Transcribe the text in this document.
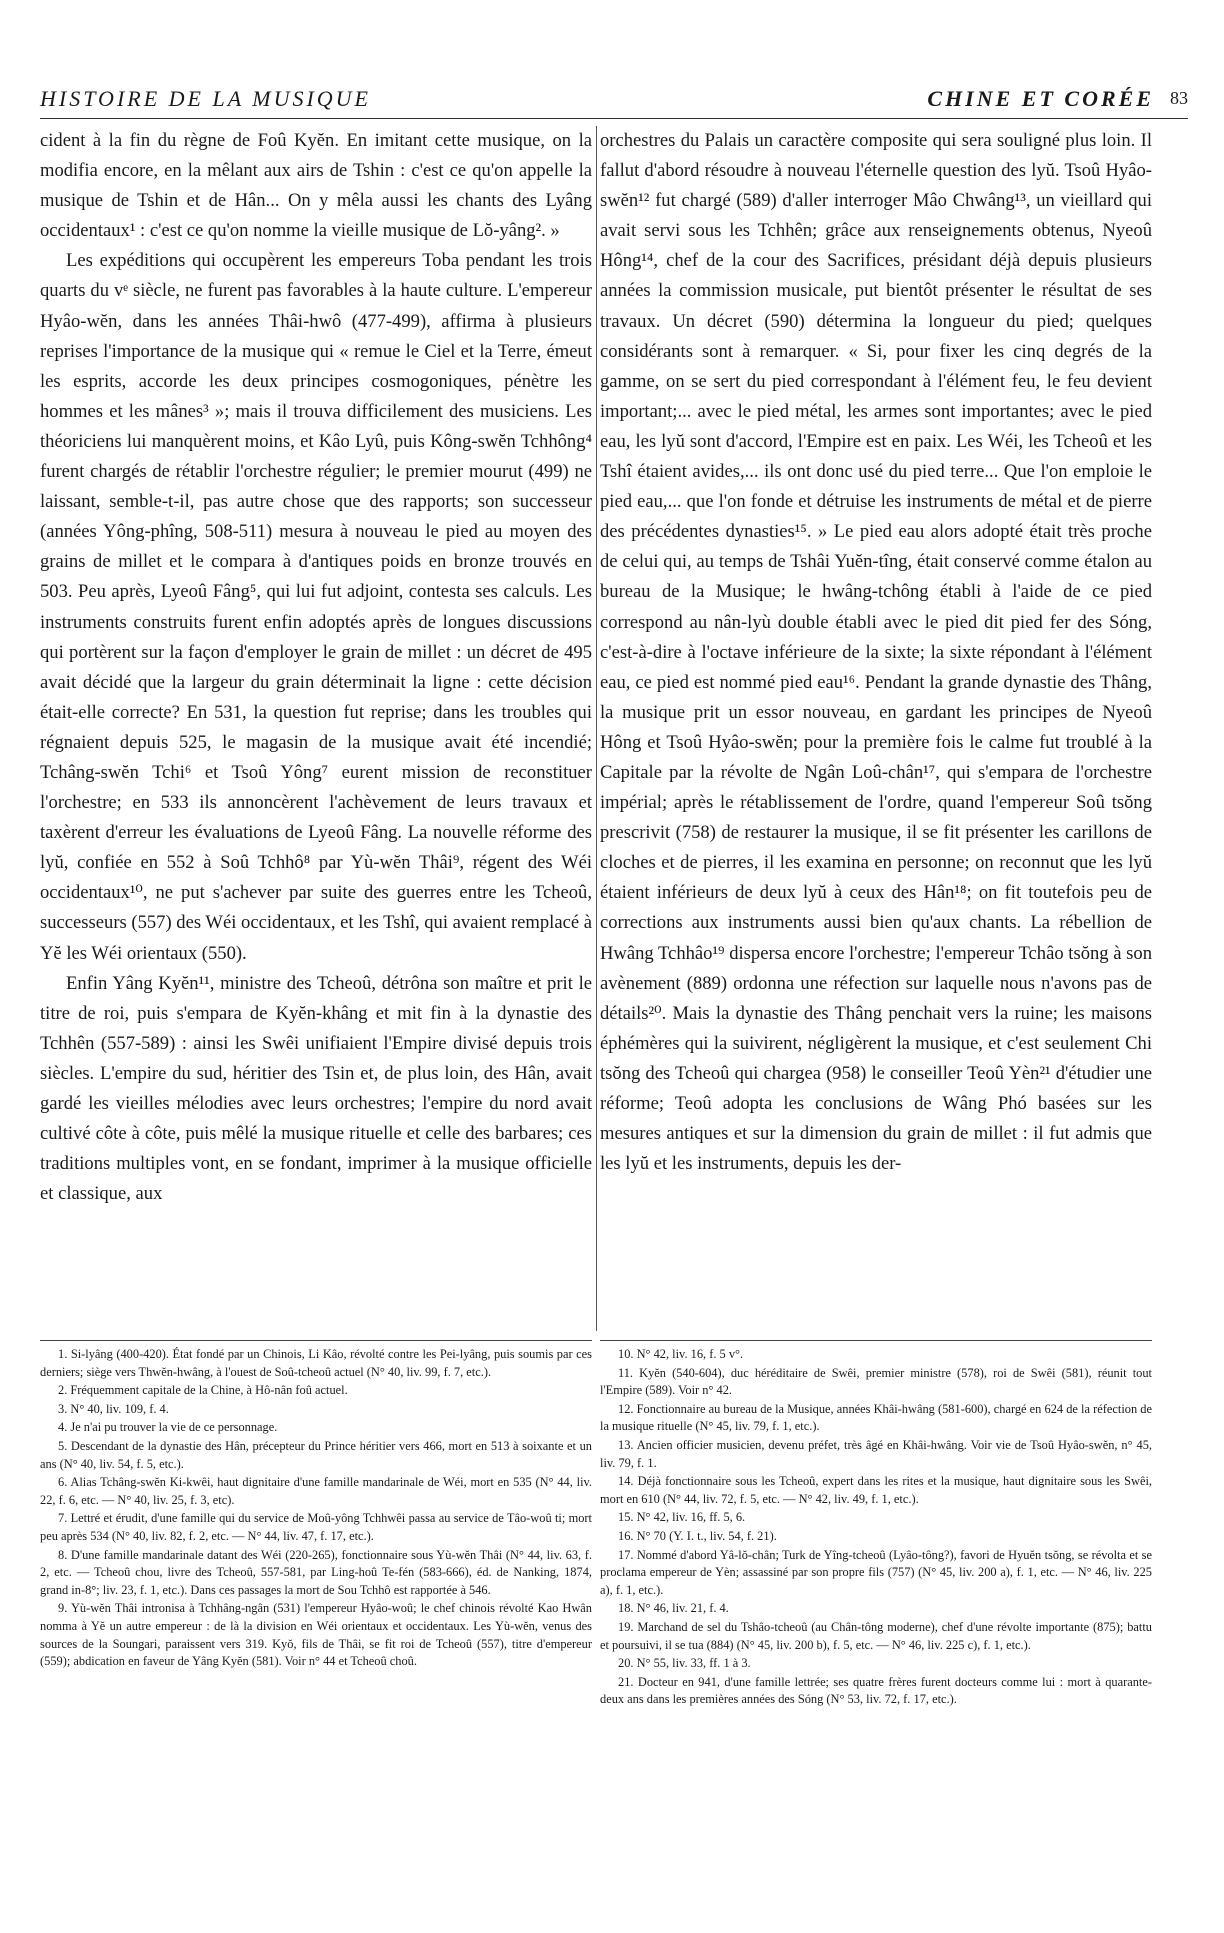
HISTOIRE DE LA MUSIQUE	CHINE ET CORÉE 83

cident à la fin du règne de Foû Kyĕn. En imitant cette musique, on la modifia encore, en la mêlant aux airs de Tshin : c'est ce qu'on appelle la musique de Tshin et de Hân... On y mêla aussi les chants des Lyâng occidentaux¹ : c'est ce qu'on nomme la vieille musique de Lŏ-yâng². »

Les expéditions qui occupèrent les empereurs Toba pendant les trois quarts du vᵉ siècle, ne furent pas favorables à la haute culture. L'empereur Hyâo-wĕn, dans les années Thâi-hwô (477-499), affirma à plusieurs reprises l'importance de la musique qui « remue le Ciel et la Terre, émeut les esprits, accorde les deux principes cosmogoniques, pénètre les hommes et les mânes³ »; mais il trouva difficilement des musiciens. Les théoriciens lui manquèrent moins, et Kâo Lyû, puis Kông-swĕn Tchhông⁴ furent chargés de rétablir l'orchestre régulier; le premier mourut (499) ne laissant, semble-t-il, pas autre chose que des rapports; son successeur (années Yông-phîng, 508-511) mesura à nouveau le pied au moyen des grains de millet et le compara à d'antiques poids en bronze trouvés en 503. Peu après, Lyeoû Fâng⁵, qui lui fut adjoint, contesta ses calculs. Les instruments construits furent enfin adoptés après de longues discussions qui portèrent sur la façon d'employer le grain de millet : un décret de 495 avait décidé que la largeur du grain déterminait la ligne : cette décision était-elle correcte? En 531, la question fut reprise; dans les troubles qui régnaient depuis 525, le magasin de la musique avait été incendié; Tchâng-swĕn Tchi⁶ et Tsoû Yông⁷ eurent mission de reconstituer l'orchestre; en 533 ils annoncèrent l'achèvement de leurs travaux et taxèrent d'erreur les évaluations de Lyeoû Fâng. La nouvelle réforme des lyŭ, confiée en 552 à Soû Tchhô⁸ par Yù-wĕn Thâi⁹, régent des Wéi occidentaux¹⁰, ne put s'achever par suite des guerres entre les Tcheoû, successeurs (557) des Wéi occidentaux, et les Tshî, qui avaient remplacé à Yĕ les Wéi orientaux (550).

Enfin Yâng Kyĕn¹¹, ministre des Tcheoû, détrôna son maître et prit le titre de roi, puis s'empara de Kyĕn-khâng et mit fin à la dynastie des Tchhên (557-589) : ainsi les Swêi unifiaient l'Empire divisé depuis trois siècles. L'empire du sud, héritier des Tsin et, de plus loin, des Hân, avait gardé les vieilles mélodies avec leurs orchestres; l'empire du nord avait cultivé côte à côte, puis mêlé la musique rituelle et celle des barbares; ces traditions multiples vont, en se fondant, imprimer à la musique officielle et classique, aux

orchestres du Palais un caractère composite qui sera souligné plus loin. Il fallut d'abord résoudre à nouveau l'éternelle question des lyŭ. Tsoû Hyâo-swĕn¹² fut chargé (589) d'aller interroger Mâo Chwâng¹³, un vieillard qui avait servi sous les Tchhên; grâce aux renseignements obtenus, Nyeoû Hông¹⁴, chef de la cour des Sacrifices, présidant déjà depuis plusieurs années la commission musicale, put bientôt présenter le résultat de ses travaux. Un décret (590) détermina la longueur du pied; quelques considérants sont à remarquer. « Si, pour fixer les cinq degrés de la gamme, on se sert du pied correspondant à l'élément feu, le feu devient important;... avec le pied métal, les armes sont importantes; avec le pied eau, les lyŭ sont d'accord, l'Empire est en paix. Les Wéi, les Tcheoû et les Tshî étaient avides,... ils ont donc usé du pied terre... Que l'on emploie le pied eau,... que l'on fonde et détruise les instruments de métal et de pierre des précédentes dynasties¹⁵. » Le pied eau alors adopté était très proche de celui qui, au temps de Tshâi Yuĕn-tîng, était conservé comme étalon au bureau de la Musique; le hwâng-tchông établi à l'aide de ce pied correspond au nân-lyù double établi avec le pied dit pied fer des Sóng, c'est-à-dire à l'octave inférieure de la sixte; la sixte répondant à l'élément eau, ce pied est nommé pied eau¹⁶. Pendant la grande dynastie des Thâng, la musique prit un essor nouveau, en gardant les principes de Nyeoû Hông et Tsoû Hyâo-swĕn; pour la première fois le calme fut troublé à la Capitale par la révolte de Ngân Loû-chân¹⁷, qui s'empara de l'orchestre impérial; après le rétablissement de l'ordre, quand l'empereur Soû tsŏng prescrivit (758) de restaurer la musique, il se fit présenter les carillons de cloches et de pierres, il les examina en personne; on reconnut que les lyŭ étaient inférieurs de deux lyŭ à ceux des Hân¹⁸; on fit toutefois peu de corrections aux instruments aussi bien qu'aux chants. La rébellion de Hwâng Tchhâo¹⁹ dispersa encore l'orchestre; l'empereur Tchâo tsŏng à son avènement (889) ordonna une réfection sur laquelle nous n'avons pas de détails²⁰. Mais la dynastie des Thâng penchait vers la ruine; les maisons éphémères qui la suivirent, négligèrent la musique, et c'est seulement Chi tsŏng des Tcheoû qui chargea (958) le conseiller Teoû Yèn²¹ d'étudier une réforme; Teoû adopta les conclusions de Wâng Phó basées sur les mesures antiques et sur la dimension du grain de millet : il fut admis que les lyŭ et les instruments, depuis les der-

1. Si-lyâng (400-420). État fondé par un Chinois, Li Kâo, révolté contre les Pei-lyâng, puis soumis par ces derniers; siège vers Thwĕn-hwâng, à l'ouest de Soû-tcheoû actuel (N° 40, liv. 99, f. 7, etc.).

2. Fréquemment capitale de la Chine, à Hô-nân foû actuel.

3. N° 40, liv. 109, f. 4.

4. Je n'ai pu trouver la vie de ce personnage.

5. Descendant de la dynastie des Hân, précepteur du Prince héritier vers 466, mort en 513 à soixante et un ans (N° 40, liv. 54, f. 5, etc.).

6. Alias Tchâng-swĕn Ki-kwêi, haut dignitaire d'une famille mandarinale de Wéi, mort en 535 (N° 44, liv. 22, f. 6, etc. — N° 40, liv. 25, f. 3, etc).

7. Lettré et érudit, d'une famille qui du service de Moû-yông Tchhwêi passa au service de Tâo-woû ti; mort peu après 534 (N° 40, liv. 82, f. 2, etc. — N° 44, liv. 47, f. 17, etc.).

8. D'une famille mandarinale datant des Wéi (220-265), fonctionnaire sous Yù-wĕn Thâi (N° 44, liv. 63, f. 2, etc. — Tcheoû chou, livre des Tcheoû, 557-581, par Ling-hoû Te-fén (583-666), éd. de Nanking, 1874, grand in-8°; liv. 23, f. 1, etc.). Dans ces passages la mort de Sou Tchhô est rapportée à 546.

9. Yù-wĕn Thâi intronisa à Tchhâng-ngân (531) l'empereur Hyâo-woû; le chef chinois révolté Kao Hwân nomma à Yĕ un autre empereur : de là la division en Wéi orientaux et occidentaux. Les Yù-wĕn, venus des sources de la Soungari, paraissent vers 319. Kyŏ, fils de Thâi, se fit roi de Tcheoû (557), titre d'empereur (559); abdication en faveur de Yâng Kyĕn (581). Voir n° 44 et Tcheoû choû.

10. N° 42, liv. 16, f. 5 v°.

11. Kyĕn (540-604), duc héréditaire de Swêi, premier ministre (578), roi de Swêi (581), réunit tout l'Empire (589). Voir n° 42.

12. Fonctionnaire au bureau de la Musique, années Khâi-hwâng (581-600), chargé en 624 de la réfection de la musique rituelle (N° 45, liv. 79, f. 1, etc.).

13. Ancien officier musicien, devenu préfet, très âgé en Khâi-hwâng. Voir vie de Tsoû Hyâo-swĕn, n° 45, liv. 79, f. 1.

14. Déjà fonctionnaire sous les Tcheoû, expert dans les rites et la musique, haut dignitaire sous les Swêi, mort en 610 (N° 44, liv. 72, f. 5, etc. — N° 42, liv. 49, f. 1, etc.).

15. N° 42, liv. 16, ff. 5, 6.

16. N° 70 (Y. I. t., liv. 54, f. 21).

17. Nommé d'abord Yâ-lŏ-chân; Turk de Yîng-tcheoû (Lyâo-tông?), favori de Hyuĕn tsŏng, se révolta et se proclama empereur de Yèn; assassiné par son propre fils (757) (N° 45, liv. 200 a), f. 1, etc. — N° 46, liv. 225 a), f. 1, etc.).

18. N° 46, liv. 21, f. 4.

19. Marchand de sel du Tshâo-tcheoû (au Chân-tông moderne), chef d'une révolte importante (875); battu et poursuivi, il se tua (884) (N° 45, liv. 200 b), f. 5, etc. — N° 46, liv. 225 c), f. 1, etc.).

20. N° 55, liv. 33, ff. 1 à 3.

21. Docteur en 941, d'une famille lettrée; ses quatre frères furent docteurs comme lui : mort à quarante-deux ans dans les premières années des Sóng (N° 53, liv. 72, f. 17, etc.).
